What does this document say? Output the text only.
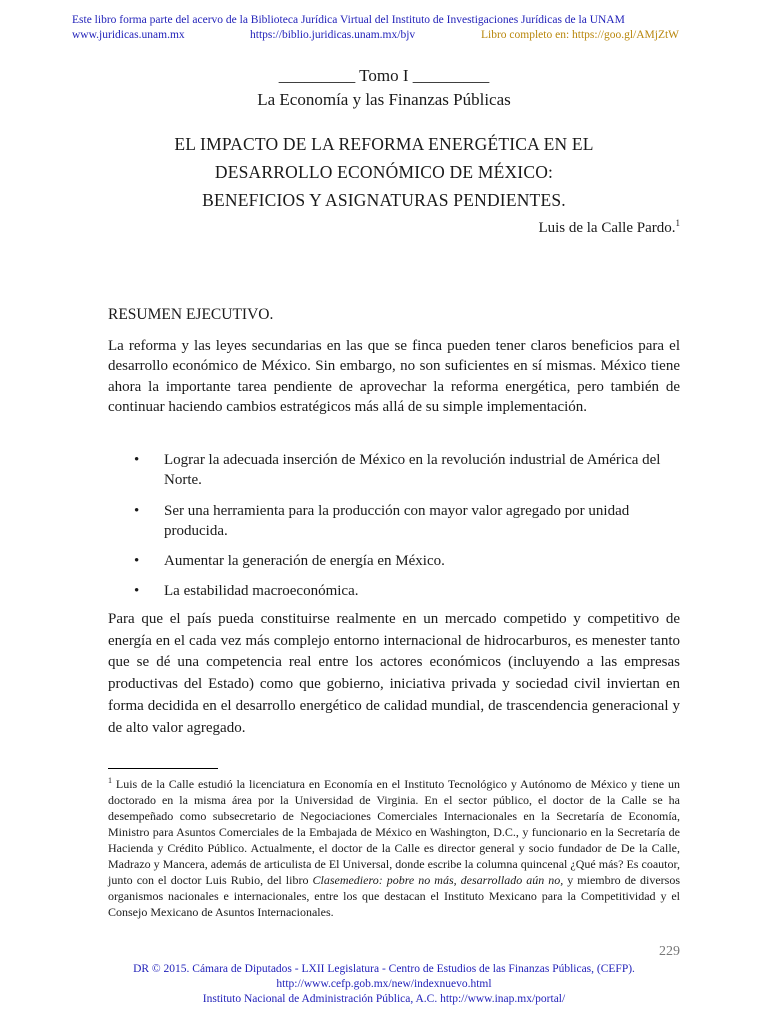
Este libro forma parte del acervo de la Biblioteca Jurídica Virtual del Instituto de Investigaciones Jurídicas de la UNAM
www.juridicas.unam.mx	https://biblio.juridicas.unam.mx/bjv	Libro completo en: https://goo.gl/AMjZtW
_________ Tomo I _________
La Economía y las Finanzas Públicas
EL IMPACTO DE LA REFORMA ENERGÉTICA EN EL
DESARROLLO ECONÓMICO DE MÉXICO:
BENEFICIOS Y ASIGNATURAS PENDIENTES.
Luis de la Calle Pardo.$^1$
RESUMEN EJECUTIVO.

La reforma y las leyes secundarias en las que se finca pueden tener claros beneficios para el desarrollo económico de México. Sin embargo, no son suficientes en sí mismas. México tiene ahora la importante tarea pendiente de aprovechar la reforma energética, pero también de continuar haciendo cambios estratégicos más allá de su simple implementación.

• Lograr la adecuada inserción de México en la revolución industrial de América del Norte.
• Ser una herramienta para la producción con mayor valor agregado por unidad producida.
• Aumentar la generación de energía en México.
• La estabilidad macroeconómica.

Para que el país pueda constituirse realmente en un mercado competido y competitivo de energía en el cada vez más complejo entorno internacional de hidrocarburos, es menester tanto que se dé una competencia real entre los actores económicos (incluyendo a las empresas productivas del Estado) como que gobierno, iniciativa privada y sociedad civil inviertan en forma decidida en el desarrollo energético de calidad mundial, de trascendencia generacional y de alto valor agregado.

$^1$ Luis de la Calle estudió la licenciatura en Economía en el Instituto Tecnológico y Autónomo de México y tiene un doctorado en la misma área por la Universidad de Virginia. En el sector público, el doctor de la Calle se ha desempeñado como subsecretario de Negociaciones Comerciales Internacionales en la Secretaría de Economía, Ministro para Asuntos Comerciales de la Embajada de México en Washington, D.C., y funcionario en la Secretaría de Hacienda y Crédito Público. Actualmente, el doctor de la Calle es director general y socio fundador de De la Calle, Madrazo y Mancera, además de articulista de El Universal, donde escribe la columna quincenal ¿Qué más? Es coautor, junto con el doctor Luis Rubio, del libro Clasemediero: pobre no más, desarrollado aún no, y miembro de diversos organismos nacionales e internacionales, entre los que destacan el Instituto Mexicano para la Competitividad y el Consejo Mexicano de Asuntos Internacionales.

229
DR © 2015. Cámara de Diputados - LXII Legislatura - Centro de Estudios de las Finanzas Públicas, (CEFP).
http://www.cefp.gob.mx/new/indexnuevo.html
Instituto Nacional de Administración Pública, A.C. http://www.inap.mx/portal/
